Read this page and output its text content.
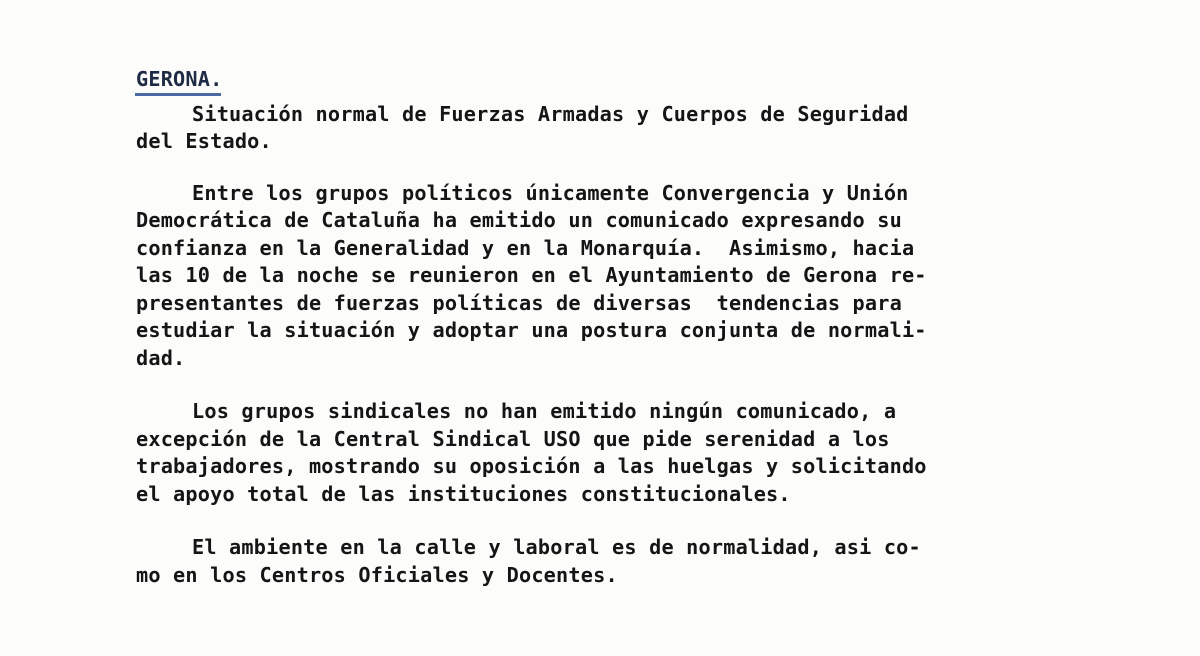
GERONA.
Situación normal de Fuerzas Armadas y Cuerpos de Seguridad
del Estado.
Entre los grupos políticos únicamente Convergencia y Unión
Democrática de Cataluña ha emitido un comunicado expresando su
confianza en la Generalidad y en la Monarquía.  Asimismo, hacia
las 10 de la noche se reunieron en el Ayuntamiento de Gerona re-
presentantes de fuerzas políticas de diversas  tendencias para
estudiar la situación y adoptar una postura conjunta de normali-
dad.
Los grupos sindicales no han emitido ningún comunicado, a
excepción de la Central Sindical USO que pide serenidad a los
trabajadores, mostrando su oposición a las huelgas y solicitando
el apoyo total de las instituciones constitucionales.
El ambiente en la calle y laboral es de normalidad, asi co-
mo en los Centros Oficiales y Docentes.
